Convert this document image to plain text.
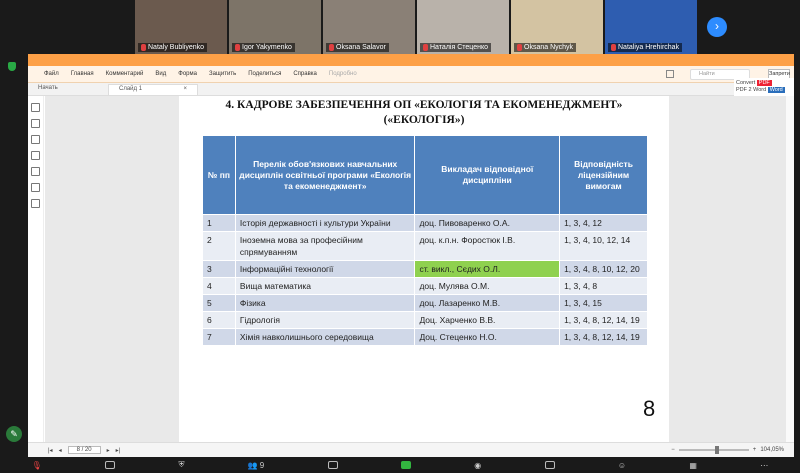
Nataly Bubliyenko	Igor Yakymenko	Oksana Salavor	Наталія Стеценко	Oksana Nychyk	Nataliya Hrehirchak
›
Файл Главная Комментарий Вид Форма Защитить Поделиться Справка Подробно	Найти	Запрети
Начать	Слайд 1	×
Convert PDF
PDF 2 Word Word
4. КАДРОВЕ ЗАБЕЗПЕЧЕННЯ ОП «ЕКОЛОГІЯ ТА ЕКОМЕНЕДЖМЕНТ»
(«ЕКОЛОГІЯ»)
№ пп	Перелік обов'язкових навчальних дисциплін освітньої програми «Екологія та екоменеджмент»	Викладач відповідної дисципліни	Відповідність ліцензійним вимогам
1	Історія державності і культури України	доц. Пивоваренко О.А.	1, 3, 4, 12
2	Іноземна мова за професійним спрямуванням	доц. к.п.н. Форостюк І.В.	1, 3, 4, 10, 12, 14
3	Інформаційні технології	ст. викл., Сєдих О.Л.	1, 3, 4, 8, 10, 12, 20
4	Вища математика	доц. Мулява О.М.	1, 3, 4, 8
5	Фізика	доц. Лазаренко М.В.	1, 3, 4, 15
6	Гідрологія	Доц. Харченко В.В.	1, 3, 4, 8, 12, 14, 19
7	Хімія навколишнього середовища	Доц. Стеценко Н.О.	1, 3, 4, 8, 12, 14, 19
8
|◂ ◂	8 / 20	▸ ▸|	−	+ 104,05%
✎
🎙	⛨	👥 9	◉	☺	▦	⋯
